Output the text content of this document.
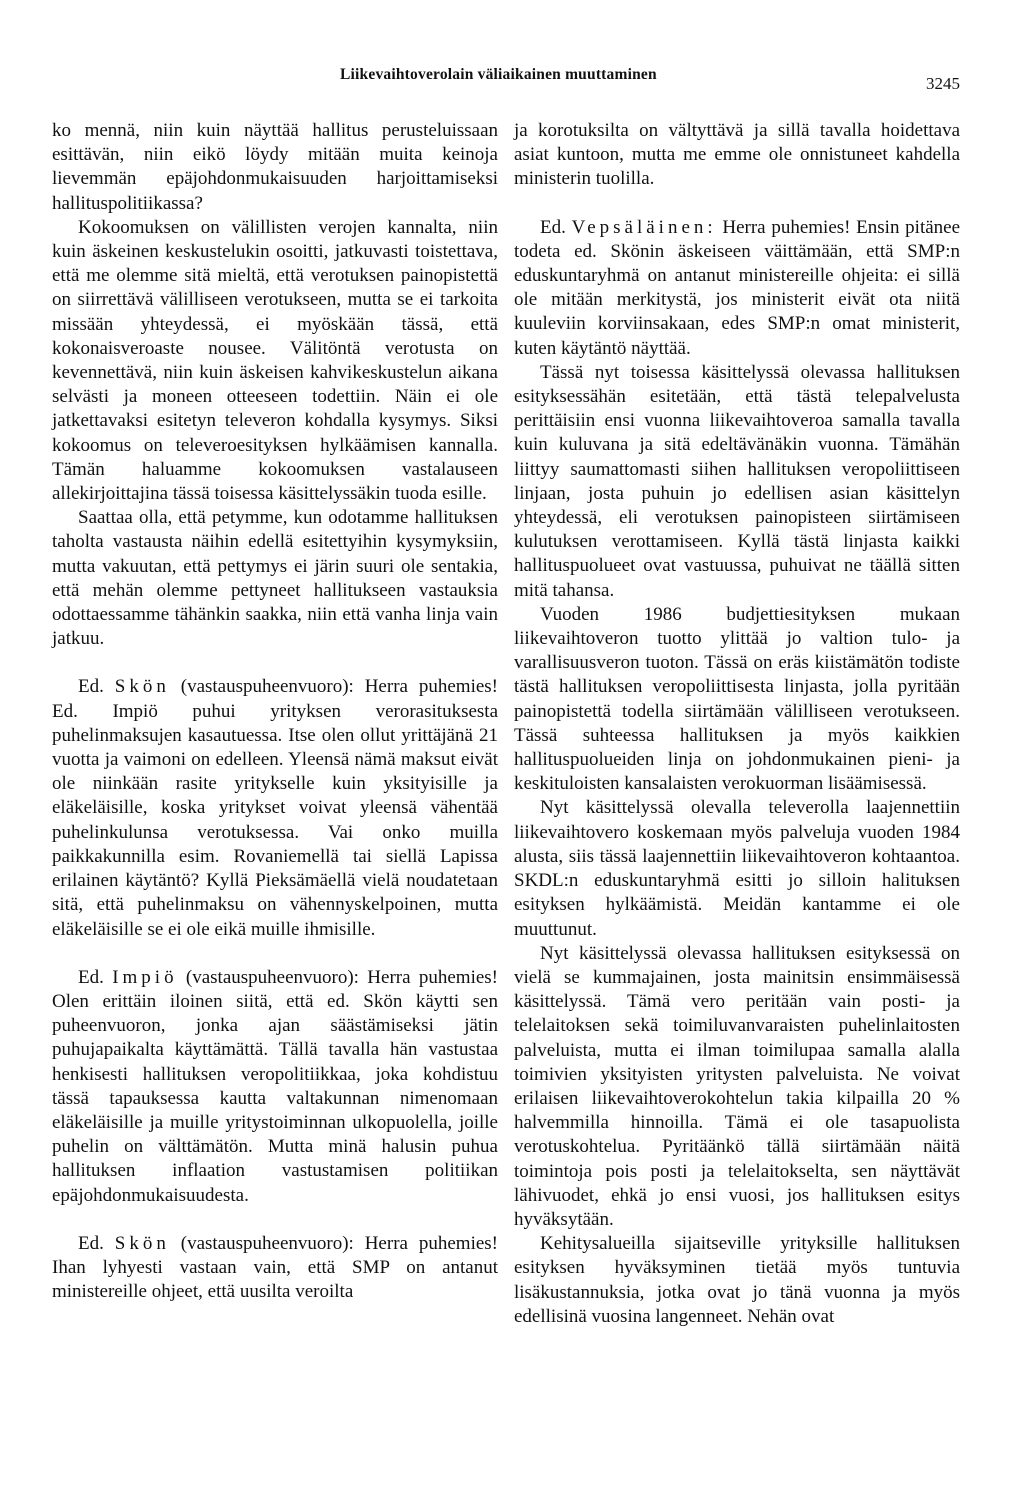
Liikevaihtoverolain väliaikainen muuttaminen	3245

ko mennä, niin kuin näyttää hallitus perusteluissaan esittävän, niin eikö löydy mitään muita keinoja lievemmän epäjohdonmukaisuuden harjoittamiseksi hallituspolitiikassa?

Kokoomuksen on välillisten verojen kannalta, niin kuin äskeinen keskustelukin osoitti, jatkuvasti toistettava, että me olemme sitä mieltä, että verotuksen painopistettä on siirrettävä välilliseen verotukseen, mutta se ei tarkoita missään yhteydessä, ei myöskään tässä, että kokonaisveroaste nousee. Välitöntä verotusta on kevennettävä, niin kuin äskeisen kahvikeskustelun aikana selvästi ja moneen otteeseen todettiin. Näin ei ole jatkettavaksi esitetyn televeron kohdalla kysymys. Siksi kokoomus on televeroesityksen hylkäämisen kannalla. Tämän haluamme kokoomuksen vastalauseen allekirjoittajina tässä toisessa käsittelyssäkin tuoda esille.

Saattaa olla, että petymme, kun odotamme hallituksen taholta vastausta näihin edellä esitettyihin kysymyksiin, mutta vakuutan, että pettymys ei järin suuri ole sentakia, että mehän olemme pettyneet hallitukseen vastauksia odottaessamme tähänkin saakka, niin että vanha linja vain jatkuu.

Ed. Skön (vastauspuheenvuoro): Herra puhemies! Ed. Impiö puhui yrityksen verorasituksesta puhelinmaksujen kasautuessa. Itse olen ollut yrittäjänä 21 vuotta ja vaimoni on edelleen. Yleensä nämä maksut eivät ole niinkään rasite yritykselle kuin yksityisille ja eläkeläisille, koska yritykset voivat yleensä vähentää puhelinkulunsa verotuksessa. Vai onko muilla paikkakunnilla esim. Rovaniemellä tai siellä Lapissa erilainen käytäntö? Kyllä Pieksämäellä vielä noudatetaan sitä, että puhelinmaksu on vähennyskelpoinen, mutta eläkeläisille se ei ole eikä muille ihmisille.

Ed. Impiö (vastauspuheenvuoro): Herra puhemies! Olen erittäin iloinen siitä, että ed. Skön käytti sen puheenvuoron, jonka ajan säästämiseksi jätin puhujapaikalta käyttämättä. Tällä tavalla hän vastustaa henkisesti hallituksen veropolitiikkaa, joka kohdistuu tässä tapauksessa kautta valtakunnan nimenomaan eläkeläisille ja muille yritystoiminnan ulkopuolella, joille puhelin on välttämätön. Mutta minä halusin puhua hallituksen inflaation vastustamisen politiikan epäjohdonmukaisuudesta.

Ed. Skön (vastauspuheenvuoro): Herra puhemies! Ihan lyhyesti vastaan vain, että SMP on antanut ministereille ohjeet, että uusilta veroilta

ja korotuksilta on vältyttävä ja sillä tavalla hoidettava asiat kuntoon, mutta me emme ole onnistuneet kahdella ministerin tuolilla.

Ed. Vepsäläinen: Herra puhemies! Ensin pitänee todeta ed. Skönin äskeiseen väittämään, että SMP:n eduskuntaryhmä on antanut ministereille ohjeita: ei sillä ole mitään merkitystä, jos ministerit eivät ota niitä kuuleviin korviinsakaan, edes SMP:n omat ministerit, kuten käytäntö näyttää.

Tässä nyt toisessa käsittelyssä olevassa hallituksen esityksessähän esitetään, että tästä telepalvelusta perittäisiin ensi vuonna liikevaihtoveroa samalla tavalla kuin kuluvana ja sitä edeltävänäkin vuonna. Tämähän liittyy saumattomasti siihen hallituksen veropoliittiseen linjaan, josta puhuin jo edellisen asian käsittelyn yhteydessä, eli verotuksen painopisteen siirtämiseen kulutuksen verottamiseen. Kyllä tästä linjasta kaikki hallituspuolueet ovat vastuussa, puhuivat ne täällä sitten mitä tahansa.

Vuoden 1986 budjettiesityksen mukaan liikevaihtoveron tuotto ylittää jo valtion tulo- ja varallisuusveron tuoton. Tässä on eräs kiistämätön todiste tästä hallituksen veropoliittisesta linjasta, jolla pyritään painopistettä todella siirtämään välilliseen verotukseen. Tässä suhteessa hallituksen ja myös kaikkien hallituspuolueiden linja on johdonmukainen pieni- ja keskituloisten kansalaisten verokuorman lisäämisessä.

Nyt käsittelyssä olevalla televerolla laajennettiin liikevaihtovero koskemaan myös palveluja vuoden 1984 alusta, siis tässä laajennettiin liikevaihtoveron kohtaantoa. SKDL:n eduskuntaryhmä esitti jo silloin halituksen esityksen hylkäämistä. Meidän kantamme ei ole muuttunut.

Nyt käsittelyssä olevassa hallituksen esityksessä on vielä se kummajainen, josta mainitsin ensimmäisessä käsittelyssä. Tämä vero peritään vain posti- ja telelaitoksen sekä toimiluvanvaraisten puhelinlaitosten palveluista, mutta ei ilman toimilupaa samalla alalla toimivien yksityisten yritysten palveluista. Ne voivat erilaisen liikevaihtoverokohtelun takia kilpailla 20 % halvemmilla hinnoilla. Tämä ei ole tasapuolista verotuskohtelua. Pyritäänkö tällä siirtämään näitä toimintoja pois posti ja telelaitokselta, sen näyttävät lähivuodet, ehkä jo ensi vuosi, jos hallituksen esitys hyväksytään.

Kehitysalueilla sijaitseville yrityksille hallituksen esityksen hyväksyminen tietää myös tuntuvia lisäkustannuksia, jotka ovat jo tänä vuonna ja myös edellisinä vuosina langenneet. Nehän ovat
